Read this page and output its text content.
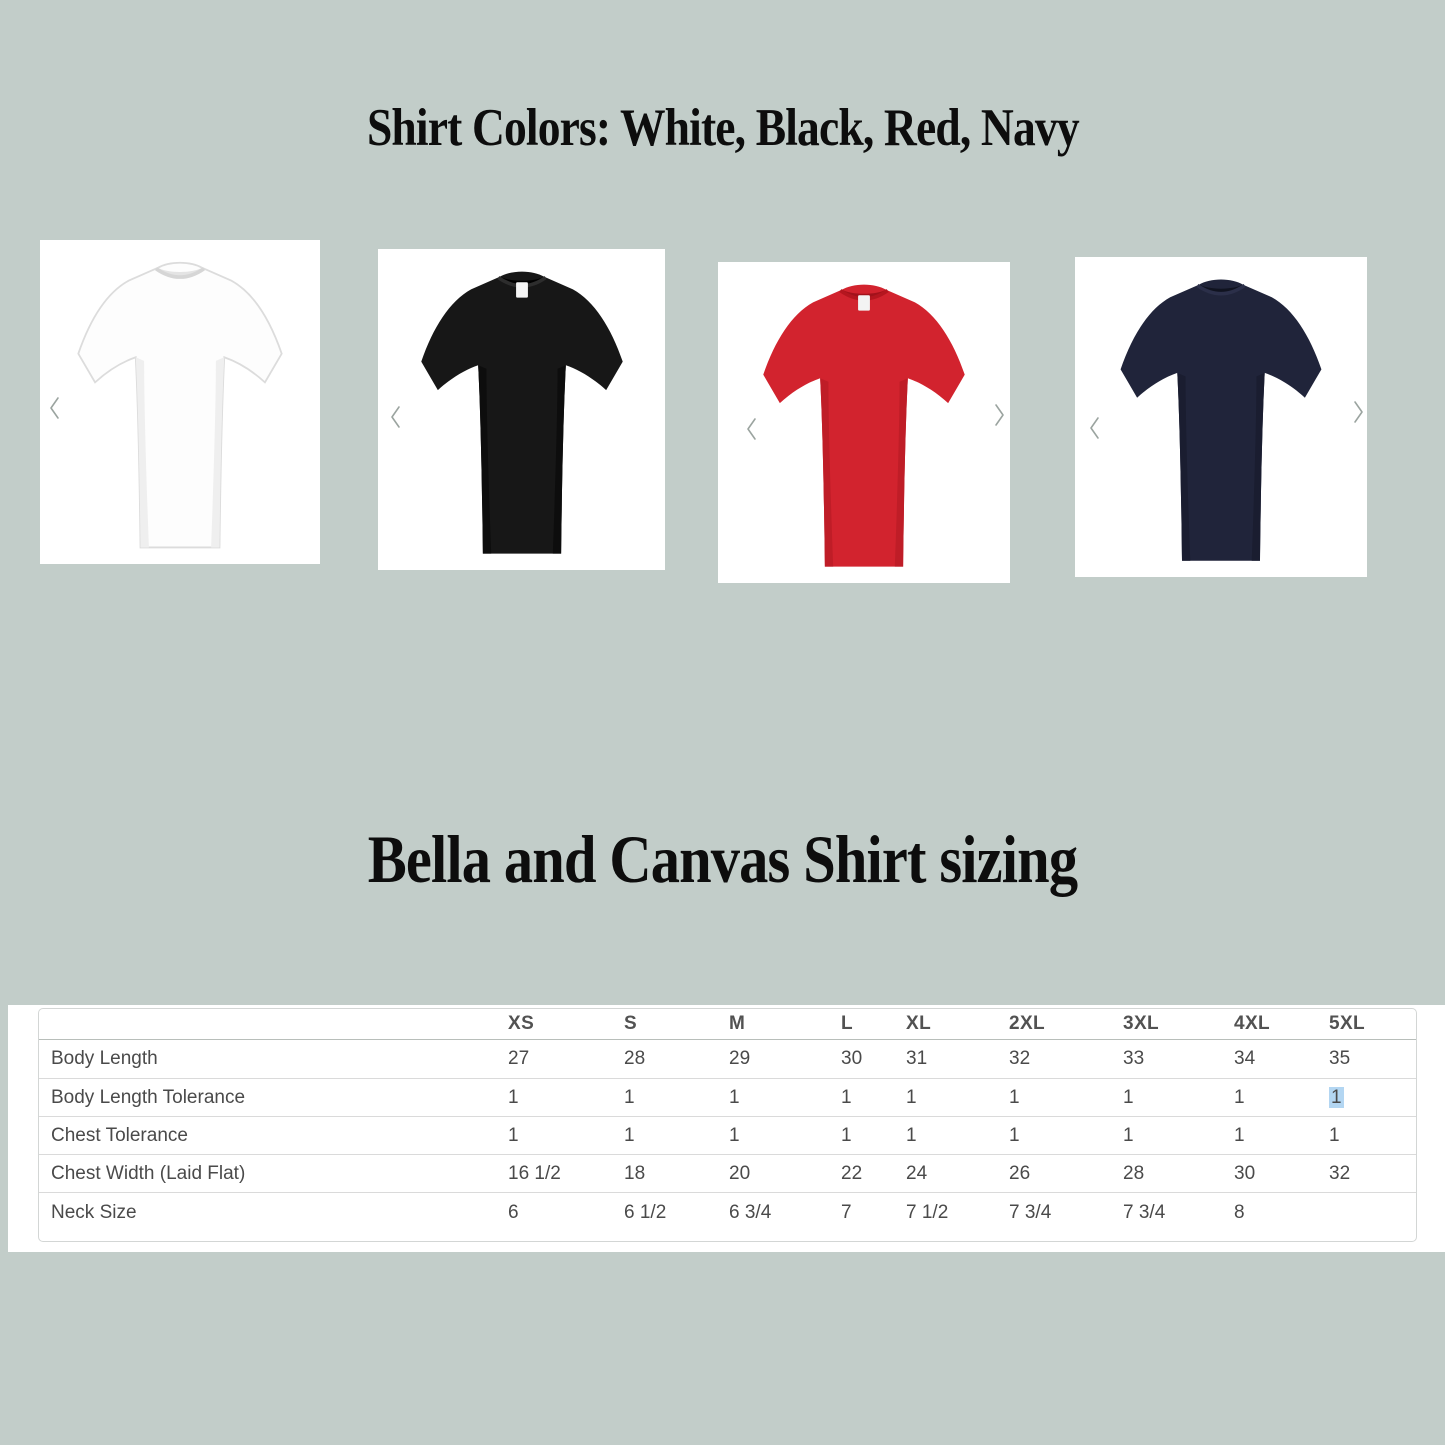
Shirt Colors: White, Black, Red, Navy
Bella and Canvas Shirt sizing
	XS	S	M	L	XL	2XL	3XL	4XL	5XL
Body Length	27	28	29	30	31	32	33	34	35
Body Length Tolerance	1	1	1	1	1	1	1	1	1
Chest Tolerance	1	1	1	1	1	1	1	1	1
Chest Width (Laid Flat)	16 1/2	18	20	22	24	26	28	30	32
Neck Size	6	6 1/2	6 3/4	7	7 1/2	7 3/4	7 3/4	8	
